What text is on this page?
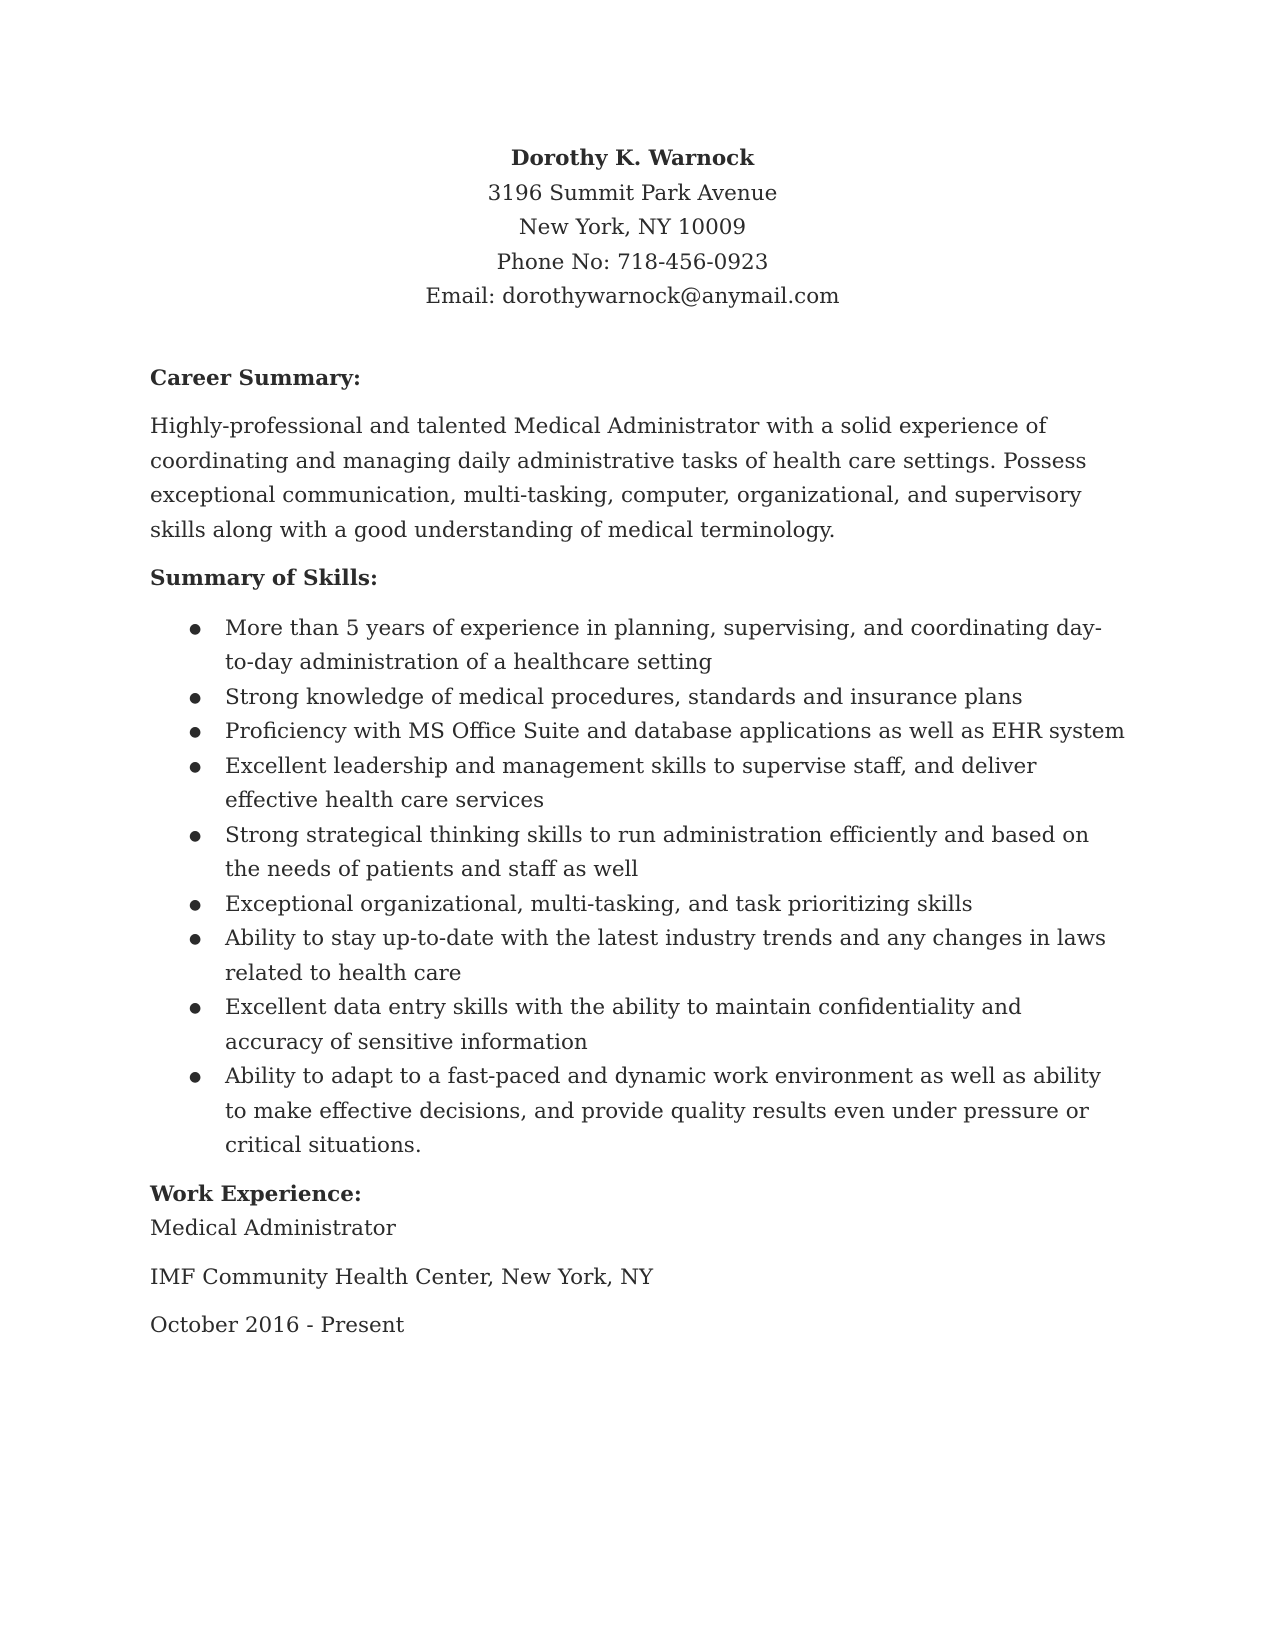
Dorothy K. Warnock
3196 Summit Park Avenue
New York, NY 10009
Phone No: 718-456-0923
Email: dorothywarnock@anymail.com
Career Summary:
Highly-professional and talented Medical Administrator with a solid experience of coordinating and managing daily administrative tasks of health care settings. Possess exceptional communication, multi-tasking, computer, organizational, and supervisory skills along with a good understanding of medical terminology.
Summary of Skills:
● More than 5 years of experience in planning, supervising, and coordinating day-to-day administration of a healthcare setting
● Strong knowledge of medical procedures, standards and insurance plans
● Proficiency with MS Office Suite and database applications as well as EHR system
● Excellent leadership and management skills to supervise staff, and deliver effective health care services
● Strong strategical thinking skills to run administration efficiently and based on the needs of patients and staff as well
● Exceptional organizational, multi-tasking, and task prioritizing skills
● Ability to stay up-to-date with the latest industry trends and any changes in laws related to health care
● Excellent data entry skills with the ability to maintain confidentiality and accuracy of sensitive information
● Ability to adapt to a fast-paced and dynamic work environment as well as ability to make effective decisions, and provide quality results even under pressure or critical situations.
Work Experience:
Medical Administrator
IMF Community Health Center, New York, NY
October 2016 - Present
